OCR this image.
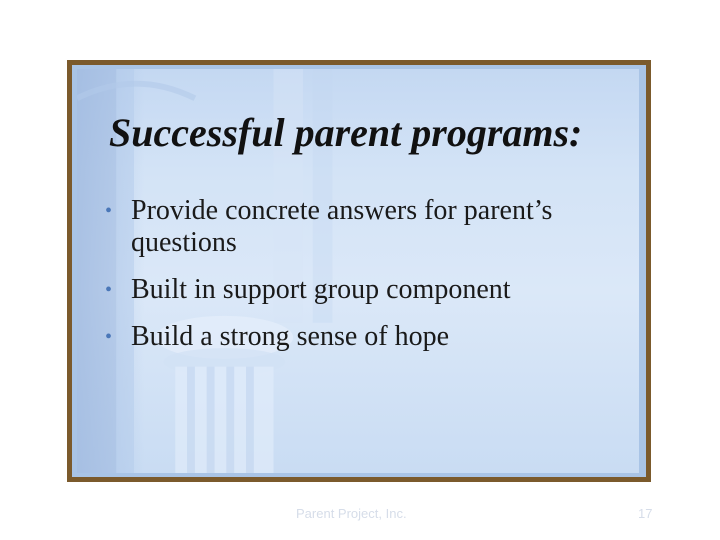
Successful parent programs:
• Provide concrete answers for parent’s questions
• Built in support group component
• Build a strong sense of hope
Parent Project, Inc.	17
